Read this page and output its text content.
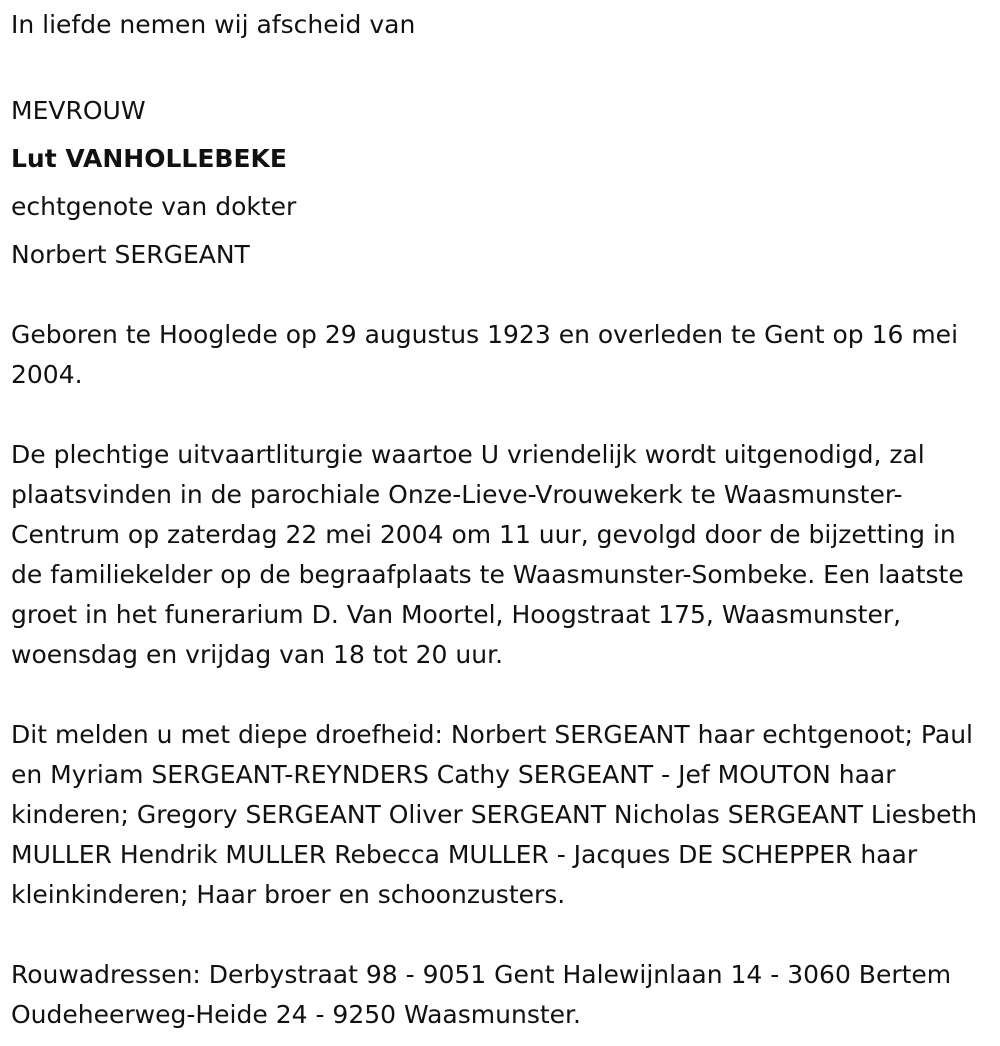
In liefde nemen wij afscheid van

MEVROUW

Lut VANHOLLEBEKE

echtgenote van dokter

Norbert SERGEANT

Geboren te Hooglede op 29 augustus 1923 en overleden te Gent op 16 mei 2004.

De plechtige uitvaartliturgie waartoe U vriendelijk wordt uitgenodigd, zal plaatsvinden in de parochiale Onze-Lieve-Vrouwekerk te Waasmunster-Centrum op zaterdag 22 mei 2004 om 11 uur, gevolgd door de bijzetting in de familiekelder op de begraafplaats te Waasmunster-Sombeke. Een laatste groet in het funerarium D. Van Moortel, Hoogstraat 175, Waasmunster, woensdag en vrijdag van 18 tot 20 uur.

Dit melden u met diepe droefheid: Norbert SERGEANT haar echtgenoot; Paul en Myriam SERGEANT-REYNDERS Cathy SERGEANT - Jef MOUTON haar kinderen; Gregory SERGEANT Oliver SERGEANT Nicholas SERGEANT Liesbeth MULLER Hendrik MULLER Rebecca MULLER - Jacques DE SCHEPPER haar kleinkinderen; Haar broer en schoonzusters.

Rouwadressen: Derbystraat 98 - 9051 Gent Halewijnlaan 14 - 3060 Bertem Oudeheerweg-Heide 24 - 9250 Waasmunster.
